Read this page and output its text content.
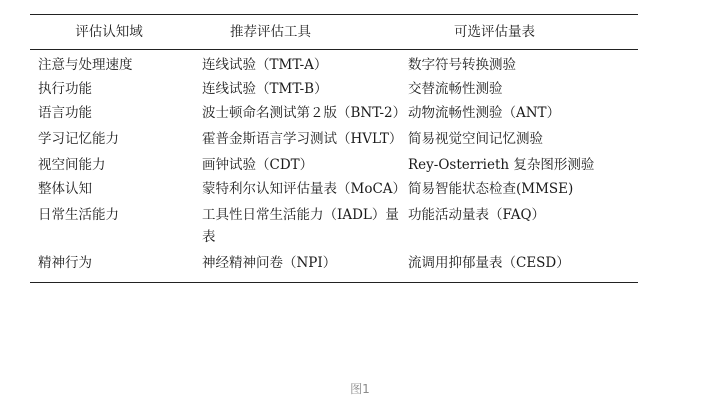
评估认知域	推荐评估工具	可选评估量表
注意与处理速度	连线试验（TMT-A）	数字符号转换测验
执行功能	连线试验（TMT-B）	交替流畅性测验
语言功能	波士顿命名测试第２版（BNT-2）	动物流畅性测验（ANT）
学习记忆能力	霍普金斯语言学习测试（HVLT）	简易视觉空间记忆测验
视空间能力	画钟试验（CDT）	Rey-Osterrieth 复杂图形测验
整体认知	蒙特利尔认知评估量表（MoCA）	简易智能状态检查(MMSE)
日常生活能力	工具性日常生活能力（IADL）量表	功能活动量表（FAQ）
精神行为	神经精神问卷（NPI）	流调用抑郁量表（CESD）
图1
